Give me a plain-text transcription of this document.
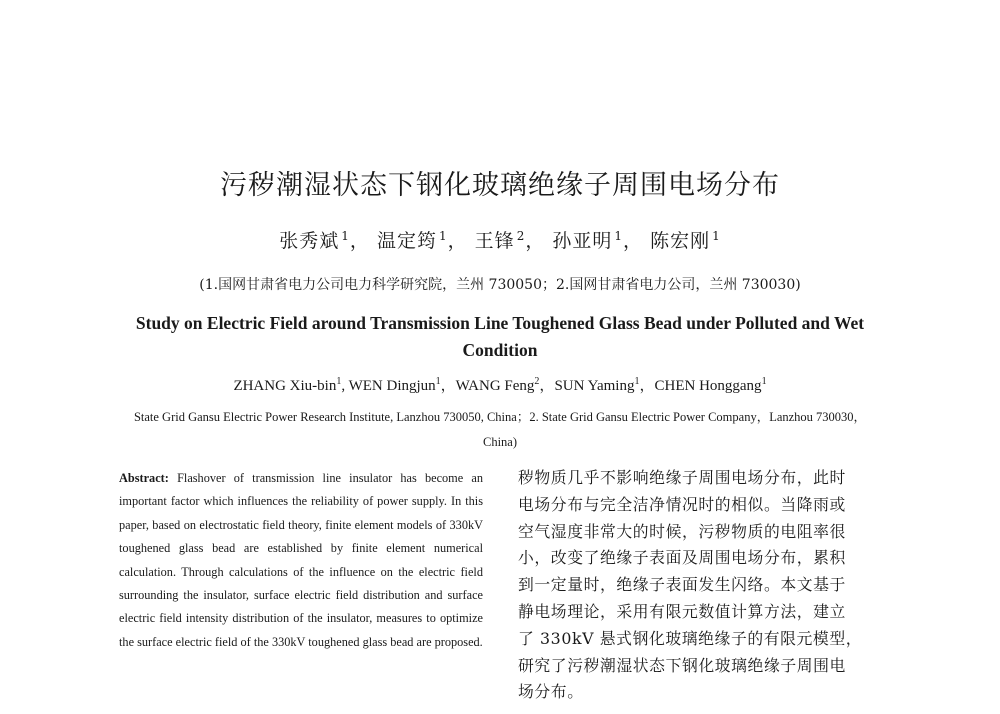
污秽潮湿状态下钢化玻璃绝缘子周围电场分布
张秀斌 $^1$， 温定筠 $^1$， 王锋 $^2$， 孙亚明 $^1$， 陈宏刚 $^1$
(1.国网甘肃省电力公司电力科学研究院，兰州 730050；2.国网甘肃省电力公司，兰州 730030)
Study on Electric Field around Transmission Line Toughened Glass Bead under Polluted and Wet Condition
ZHANG Xiu-bin$^1$, WEN Dingjun$^1$，WANG Feng$^2$，SUN Yaming$^1$，CHEN Honggang$^1$
State Grid Gansu Electric Power Research Institute, Lanzhou 730050, China；2. State Grid Gansu Electric Power Company，Lanzhou 730030，China)
Abstract: Flashover of transmission line insulator has become an important factor which influences the reliability of power supply. In this paper, based on electrostatic field theory, finite element models of 330kV toughened glass bead are established by finite element numerical calculation. Through calculations of the influence on the electric field surrounding the insulator, surface electric field distribution and surface electric field intensity distribution of the insulator, measures to optimize the surface electric field of the 330kV toughened glass bead are proposed.
秽物质几乎不影响绝缘子周围电场分布，此时
电场分布与完全洁净情况时的相似。当降雨或
空气湿度非常大的时候，污秽物质的电阻率很
小，改变了绝缘子表面及周围电场分布，累积
到一定量时，绝缘子表面发生闪络。本文基于
静电场理论，采用有限元数值计算方法，建立
了 330kV 悬式钢化玻璃绝缘子的有限元模型，
研究了污秽潮湿状态下钢化玻璃绝缘子周围电
场分布。
